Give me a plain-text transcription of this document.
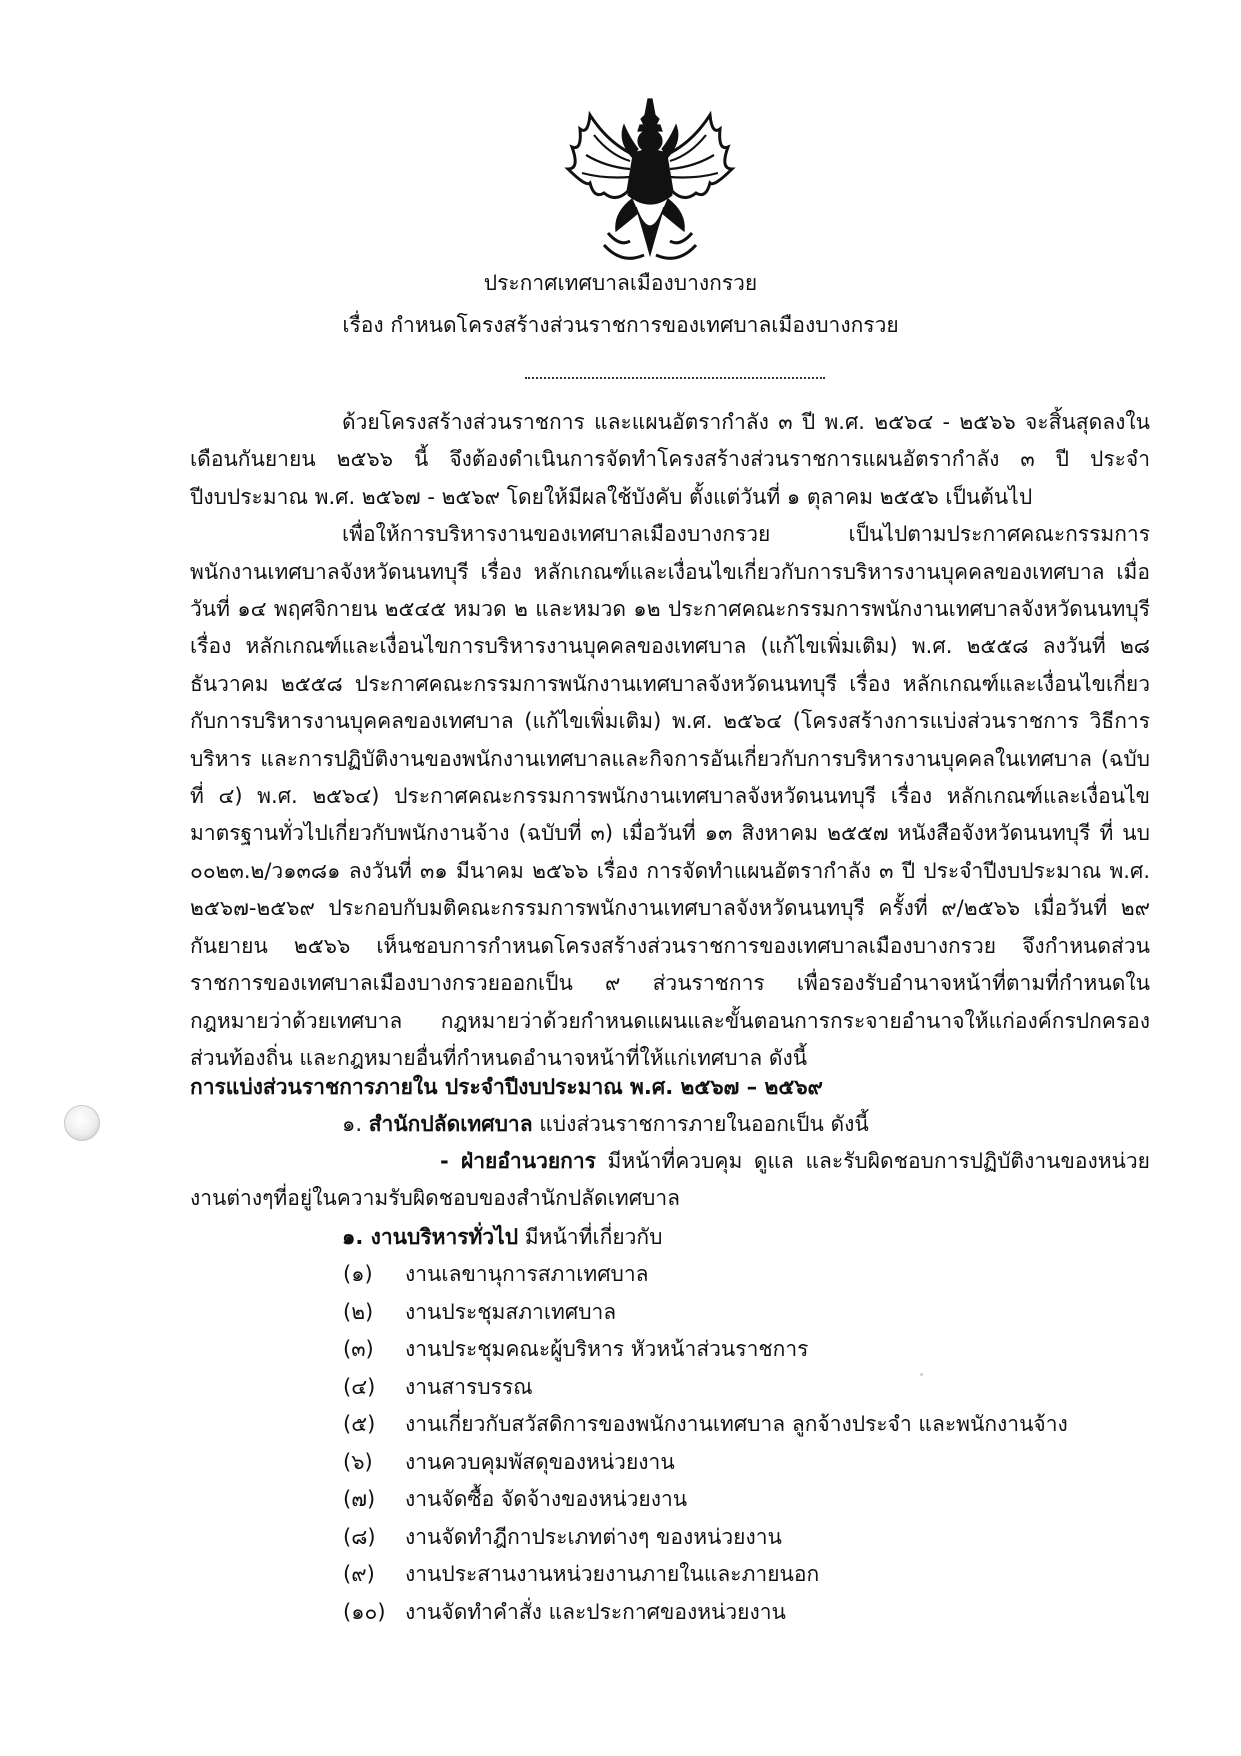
ประกาศเทศบาลเมืองบางกรวย
เรื่อง กำหนดโครงสร้างส่วนราชการของเทศบาลเมืองบางกรวย

ด้วยโครงสร้างส่วนราชการ และแผนอัตรากำลัง ๓ ปี พ.ศ. ๒๕๖๔ - ๒๕๖๖ จะสิ้นสุดลงในเดือนกันยายน ๒๕๖๖ นี้ จึงต้องดำเนินการจัดทำโครงสร้างส่วนราชการแผนอัตรากำลัง ๓ ปี ประจำปีงบประมาณ พ.ศ. ๒๕๖๗ - ๒๕๖๙ โดยให้มีผลใช้บังคับ ตั้งแต่วันที่ ๑ ตุลาคม ๒๕๕๖ เป็นต้นไป

เพื่อให้การบริหารงานของเทศบาลเมืองบางกรวย เป็นไปตามประกาศคณะกรรมการพนักงานเทศบาลจังหวัดนนทบุรี เรื่อง หลักเกณฑ์และเงื่อนไขเกี่ยวกับการบริหารงานบุคคลของเทศบาล เมื่อวันที่ ๑๔ พฤศจิกายน ๒๕๔๕ หมวด ๒ และหมวด ๑๒ ประกาศคณะกรรมการพนักงานเทศบาลจังหวัดนนทบุรี เรื่อง หลักเกณฑ์และเงื่อนไขการบริหารงานบุคคลของเทศบาล (แก้ไขเพิ่มเติม) พ.ศ. ๒๕๕๘ ลงวันที่ ๒๘ ธันวาคม ๒๕๕๘ ประกาศคณะกรรมการพนักงานเทศบาลจังหวัดนนทบุรี เรื่อง หลักเกณฑ์และเงื่อนไขเกี่ยวกับการบริหารงานบุคคลของเทศบาล (แก้ไขเพิ่มเติม) พ.ศ. ๒๕๖๔ (โครงสร้างการแบ่งส่วนราชการ วิธีการบริหาร และการปฏิบัติงานของพนักงานเทศบาลและกิจการอันเกี่ยวกับการบริหารงานบุคคลในเทศบาล (ฉบับที่ ๔) พ.ศ. ๒๕๖๔) ประกาศคณะกรรมการพนักงานเทศบาลจังหวัดนนทบุรี เรื่อง หลักเกณฑ์และเงื่อนไขมาตรฐานทั่วไปเกี่ยวกับพนักงานจ้าง (ฉบับที่ ๓) เมื่อวันที่ ๑๓ สิงหาคม ๒๕๕๗ หนังสือจังหวัดนนทบุรี ที่ นบ ๐๐๒๓.๒/ว๑๓๘๑ ลงวันที่ ๓๑ มีนาคม ๒๕๖๖ เรื่อง การจัดทำแผนอัตรากำลัง ๓ ปี ประจำปีงบประมาณ พ.ศ. ๒๕๖๗-๒๕๖๙ ประกอบกับมติคณะกรรมการพนักงานเทศบาลจังหวัดนนทบุรี ครั้งที่ ๙/๒๕๖๖ เมื่อวันที่ ๒๙ กันยายน ๒๕๖๖ เห็นชอบการกำหนดโครงสร้างส่วนราชการของเทศบาลเมืองบางกรวย จึงกำหนดส่วนราชการของเทศบาลเมืองบางกรวยออกเป็น ๙ ส่วนราชการ เพื่อรองรับอำนาจหน้าที่ตามที่กำหนดในกฎหมายว่าด้วยเทศบาล กฎหมายว่าด้วยกำหนดแผนและขั้นตอนการกระจายอำนาจให้แก่องค์กรปกครองส่วนท้องถิ่น และกฎหมายอื่นที่กำหนดอำนาจหน้าที่ให้แก่เทศบาล ดังนี้

การแบ่งส่วนราชการภายใน ประจำปีงบประมาณ พ.ศ. ๒๕๖๗ – ๒๕๖๙
๑. สำนักปลัดเทศบาล แบ่งส่วนราชการภายในออกเป็น ดังนี้
- ฝ่ายอำนวยการ มีหน้าที่ควบคุม ดูแล และรับผิดชอบการปฏิบัติงานของหน่วยงานต่างๆที่อยู่ในความรับผิดชอบของสำนักปลัดเทศบาล
๑. งานบริหารทั่วไป มีหน้าที่เกี่ยวกับ
(๑) งานเลขานุการสภาเทศบาล
(๒) งานประชุมสภาเทศบาล
(๓) งานประชุมคณะผู้บริหาร หัวหน้าส่วนราชการ
(๔) งานสารบรรณ
(๕) งานเกี่ยวกับสวัสดิการของพนักงานเทศบาล ลูกจ้างประจำ และพนักงานจ้าง
(๖) งานควบคุมพัสดุของหน่วยงาน
(๗) งานจัดซื้อ จัดจ้างของหน่วยงาน
(๘) งานจัดทำฎีกาประเภทต่างๆ ของหน่วยงาน
(๙) งานประสานงานหน่วยงานภายในและภายนอก
(๑๐) งานจัดทำคำสั่ง และประกาศของหน่วยงาน
